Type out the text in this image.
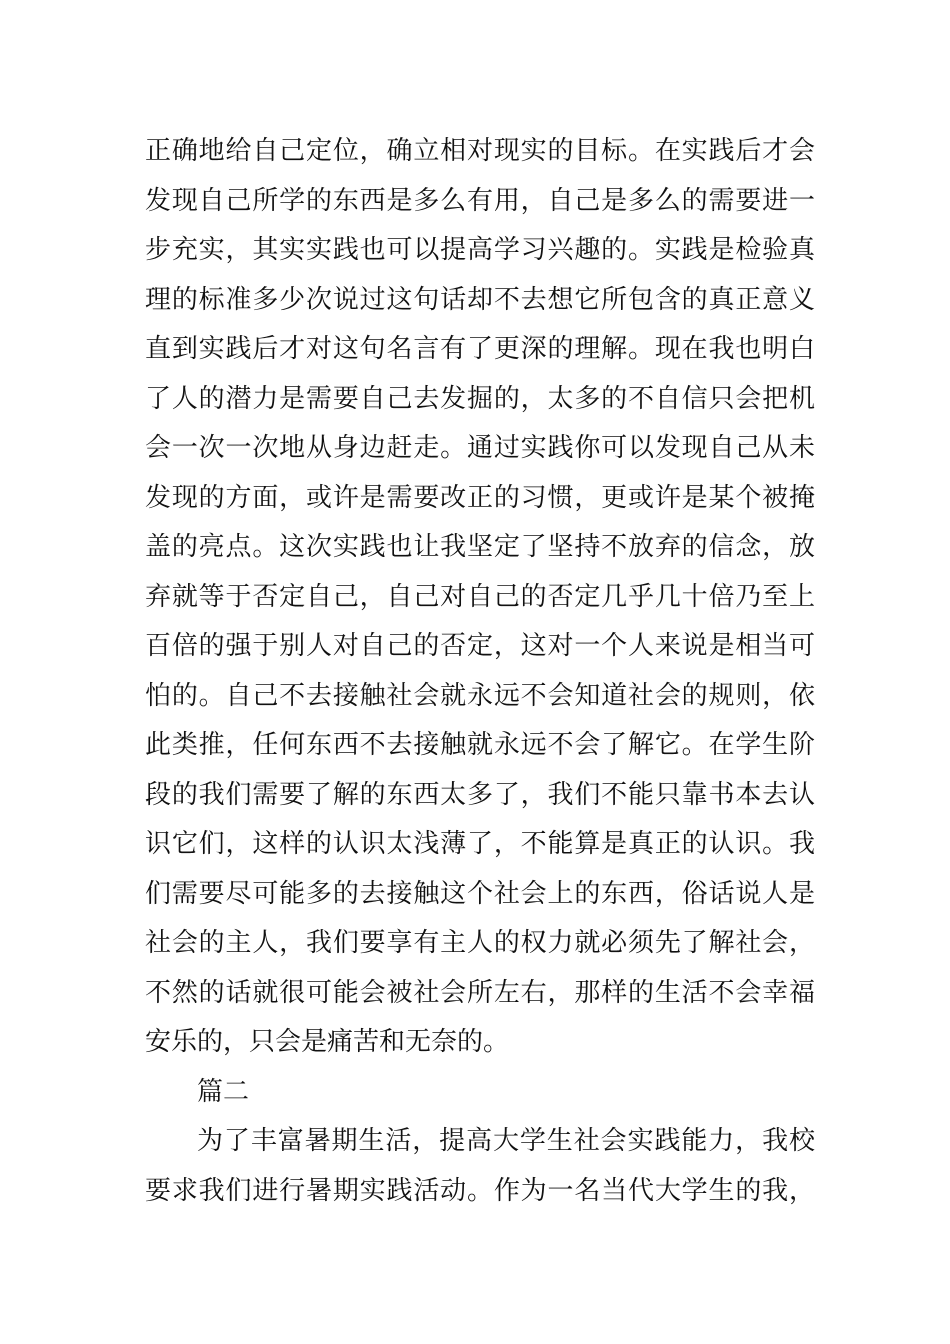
正确地给自己定位，确立相对现实的目标。在实践后才会
发现自己所学的东西是多么有用，自己是多么的需要进一
步充实，其实实践也可以提高学习兴趣的。实践是检验真
理的标准多少次说过这句话却不去想它所包含的真正意义
直到实践后才对这句名言有了更深的理解。现在我也明白
了人的潜力是需要自己去发掘的，太多的不自信只会把机
会一次一次地从身边赶走。通过实践你可以发现自己从未
发现的方面，或许是需要改正的习惯，更或许是某个被掩
盖的亮点。这次实践也让我坚定了坚持不放弃的信念，放
弃就等于否定自己，自己对自己的否定几乎几十倍乃至上
百倍的强于别人对自己的否定，这对一个人来说是相当可
怕的。自己不去接触社会就永远不会知道社会的规则，依
此类推，任何东西不去接触就永远不会了解它。在学生阶
段的我们需要了解的东西太多了，我们不能只靠书本去认
识它们，这样的认识太浅薄了，不能算是真正的认识。我
们需要尽可能多的去接触这个社会上的东西，俗话说人是
社会的主人，我们要享有主人的权力就必须先了解社会，
不然的话就很可能会被社会所左右，那样的生活不会幸福
安乐的，只会是痛苦和无奈的。
篇二
为了丰富暑期生活，提高大学生社会实践能力，我校
要求我们进行暑期实践活动。作为一名当代大学生的我，
